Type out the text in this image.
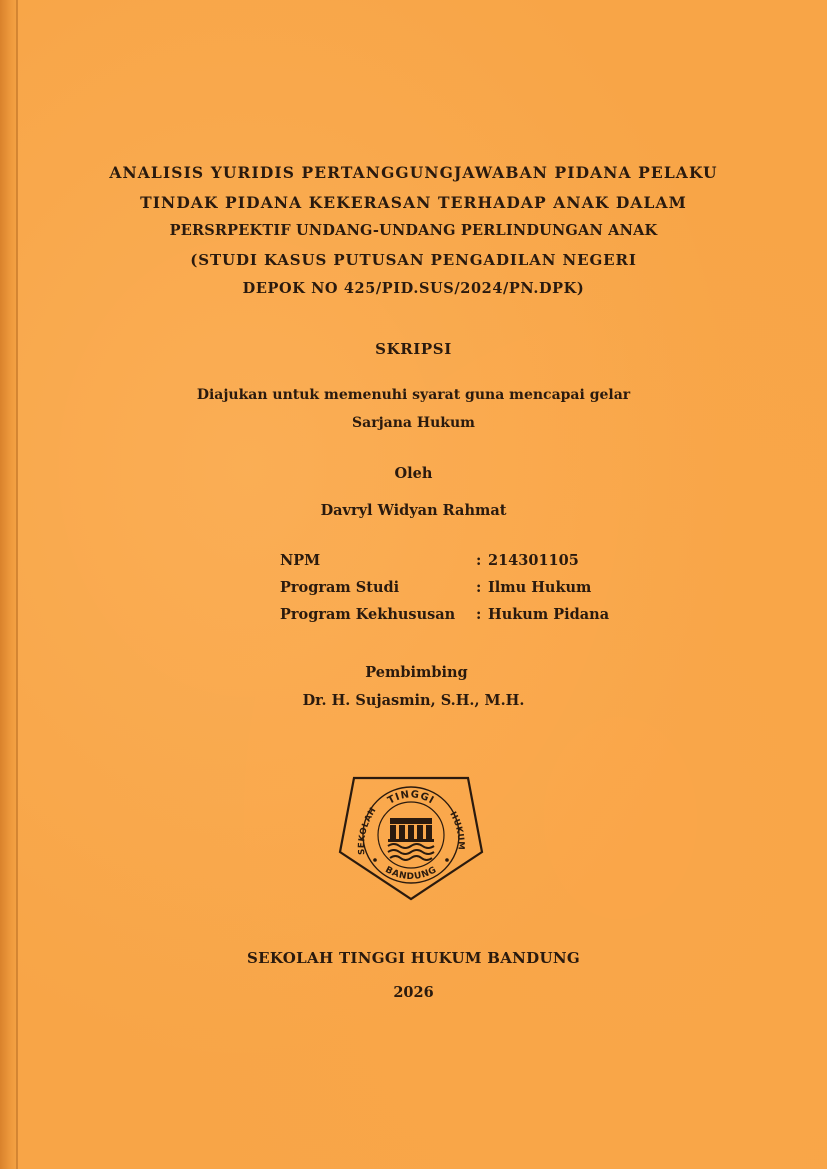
ANALISIS YURIDIS PERTANGGUNGJAWABAN PIDANA PELAKU
TINDAK PIDANA KEKERASAN TERHADAP ANAK DALAM
PERSRPEKTIF UNDANG-UNDANG PERLINDUNGAN ANAK
(STUDI KASUS PUTUSAN PENGADILAN NEGERI
DEPOK NO 425/PID.SUS/2024/PN.DPK)
SKRIPSI
Diajukan untuk memenuhi syarat guna mencapai gelar
Sarjana Hukum
Oleh
Davryl Widyan Rahmat
NPM	: 214301105
Program Studi	: Ilmu Hukum
Program Kekhususan : Hukum Pidana
Pembimbing
Dr. H. Sujasmin, S.H., M.H.
TINGGI
SEKOLAH	HUKUM
BANDUNG
SEKOLAH TINGGI HUKUM BANDUNG
2026
